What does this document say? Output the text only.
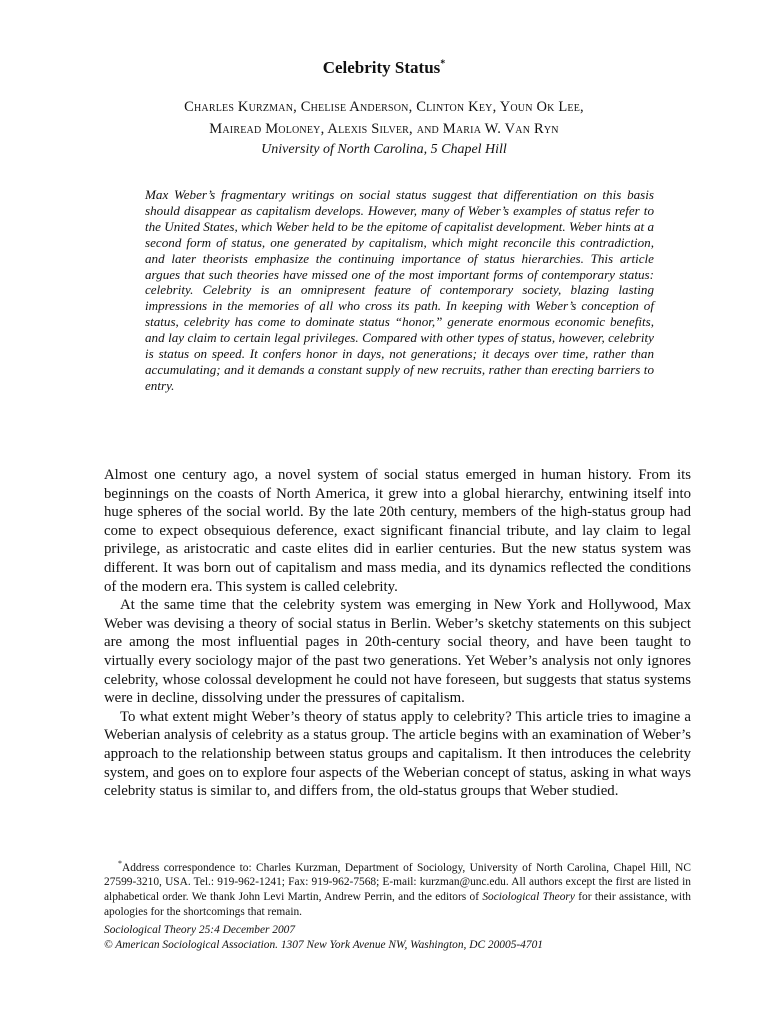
Celebrity Status*
Charles Kurzman, Chelise Anderson, Clinton Key, Youn Ok Lee,
Mairead Moloney, Alexis Silver, and Maria W. Van Ryn
University of North Carolina, 5 Chapel Hill

Max Weber’s fragmentary writings on social status suggest that differentiation on this basis should disappear as capitalism develops. However, many of Weber’s examples of status refer to the United States, which Weber held to be the epitome of capitalist development. Weber hints at a second form of status, one generated by capitalism, which might reconcile this contradiction, and later theorists emphasize the continuing importance of status hierarchies. This article argues that such theories have missed one of the most important forms of contemporary status: celebrity. Celebrity is an omnipresent feature of contemporary society, blazing lasting impressions in the memories of all who cross its path. In keeping with Weber’s conception of status, celebrity has come to dominate status “honor,” generate enormous economic benefits, and lay claim to certain legal privileges. Compared with other types of status, however, celebrity is status on speed. It confers honor in days, not generations; it decays over time, rather than accumulating; and it demands a constant supply of new recruits, rather than erecting barriers to entry.

Almost one century ago, a novel system of social status emerged in human history. From its beginnings on the coasts of North America, it grew into a global hierarchy, entwining itself into huge spheres of the social world. By the late 20th century, members of the high-status group had come to expect obsequious deference, exact significant financial tribute, and lay claim to legal privilege, as aristocratic and caste elites did in earlier centuries. But the new status system was different. It was born out of capitalism and mass media, and its dynamics reflected the conditions of the modern era. This system is called celebrity.

At the same time that the celebrity system was emerging in New York and Hollywood, Max Weber was devising a theory of social status in Berlin. Weber’s sketchy statements on this subject are among the most influential pages in 20th-century social theory, and have been taught to virtually every sociology major of the past two generations. Yet Weber’s analysis not only ignores celebrity, whose colossal development he could not have foreseen, but suggests that status systems were in decline, dissolving under the pressures of capitalism.

To what extent might Weber’s theory of status apply to celebrity? This article tries to imagine a Weberian analysis of celebrity as a status group. The article begins with an examination of Weber’s approach to the relationship between status groups and capitalism. It then introduces the celebrity system, and goes on to explore four aspects of the Weberian concept of status, asking in what ways celebrity status is similar to, and differs from, the old-status groups that Weber studied.

*Address correspondence to: Charles Kurzman, Department of Sociology, University of North Carolina, Chapel Hill, NC 27599-3210, USA. Tel.: 919-962-1241; Fax: 919-962-7568; E-mail: kurzman@unc.edu. All authors except the first are listed in alphabetical order. We thank John Levi Martin, Andrew Perrin, and the editors of Sociological Theory for their assistance, with apologies for the shortcomings that remain.

Sociological Theory 25:4 December 2007
© American Sociological Association. 1307 New York Avenue NW, Washington, DC 20005-4701
